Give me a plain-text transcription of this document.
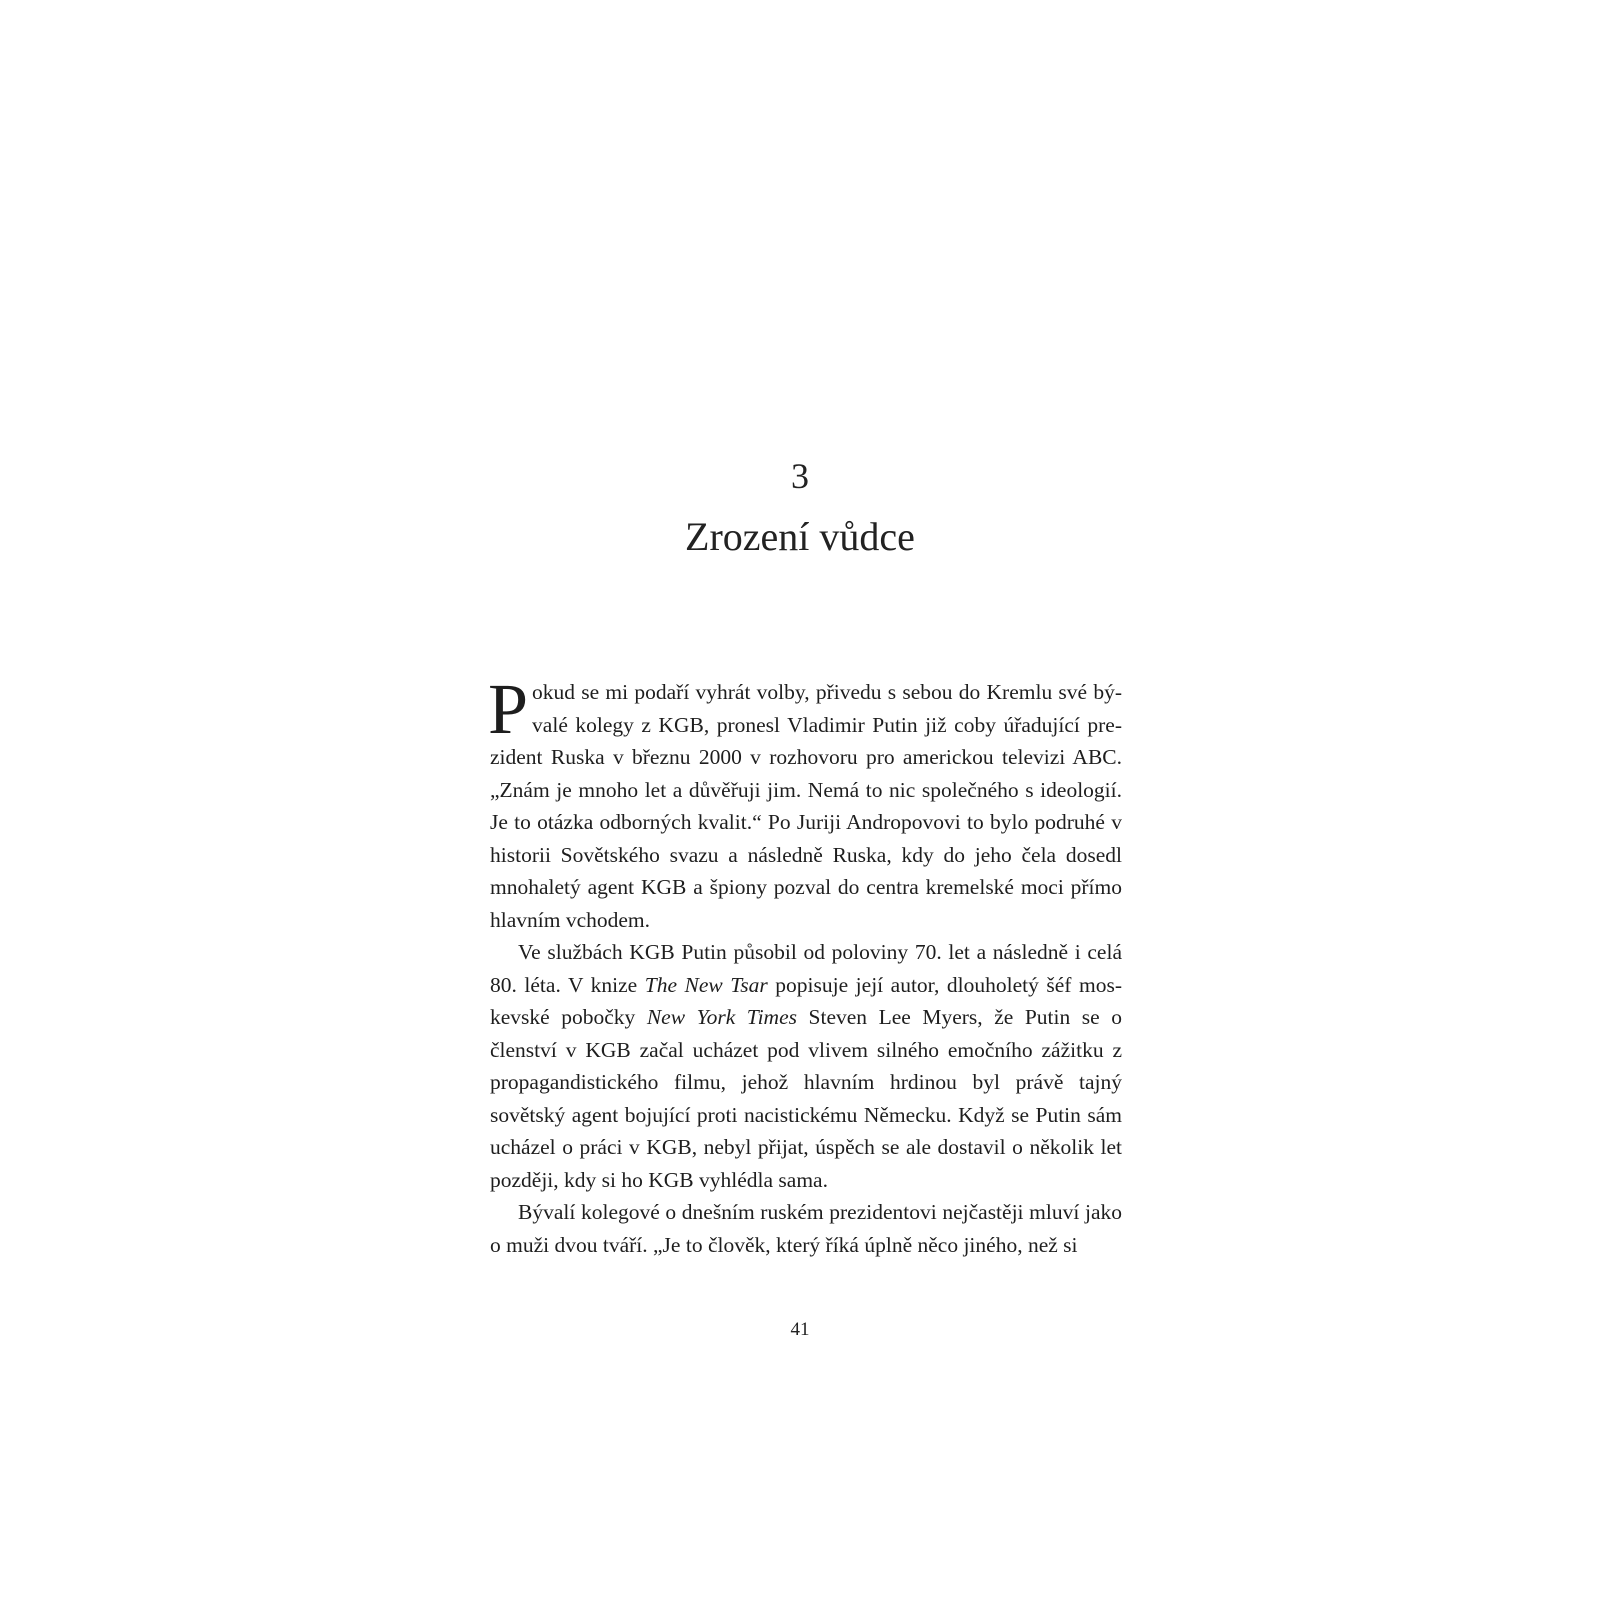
3
Zrození vůdce

Pokud se mi podaří vyhrát volby, přivedu s sebou do Kremlu své bývalé kolegy z KGB, pronesl Vladimir Putin již coby úřadující prezident Ruska v březnu 2000 v rozhovoru pro americkou televizi ABC. „Znám je mnoho let a důvěřuji jim. Nemá to nic společného s ideologií. Je to otázka odborných kvalit.“ Po Juriji Andropovovi to bylo podruhé v historii Sovětského svazu a následně Ruska, kdy do jeho čela dosedl mnohaletý agent KGB a špiony pozval do centra kremelské moci přímo hlavním vchodem.

Ve službách KGB Putin působil od poloviny 70. let a následně i celá 80. léta. V knize The New Tsar popisuje její autor, dlouholetý šéf moskevské pobočky New York Times Steven Lee Myers, že Putin se o členství v KGB začal ucházet pod vlivem silného emočního zážitku z propagandistického filmu, jehož hlavním hrdinou byl právě tajný sovětský agent bojující proti nacistickému Německu. Když se Putin sám ucházel o práci v KGB, nebyl přijat, úspěch se ale dostavil o několik let později, kdy si ho KGB vyhlédla sama.

Bývalí kolegové o dnešním ruském prezidentovi nejčastěji mluví jako o muži dvou tváří. „Je to člověk, který říká úplně něco jiného, než si

41
